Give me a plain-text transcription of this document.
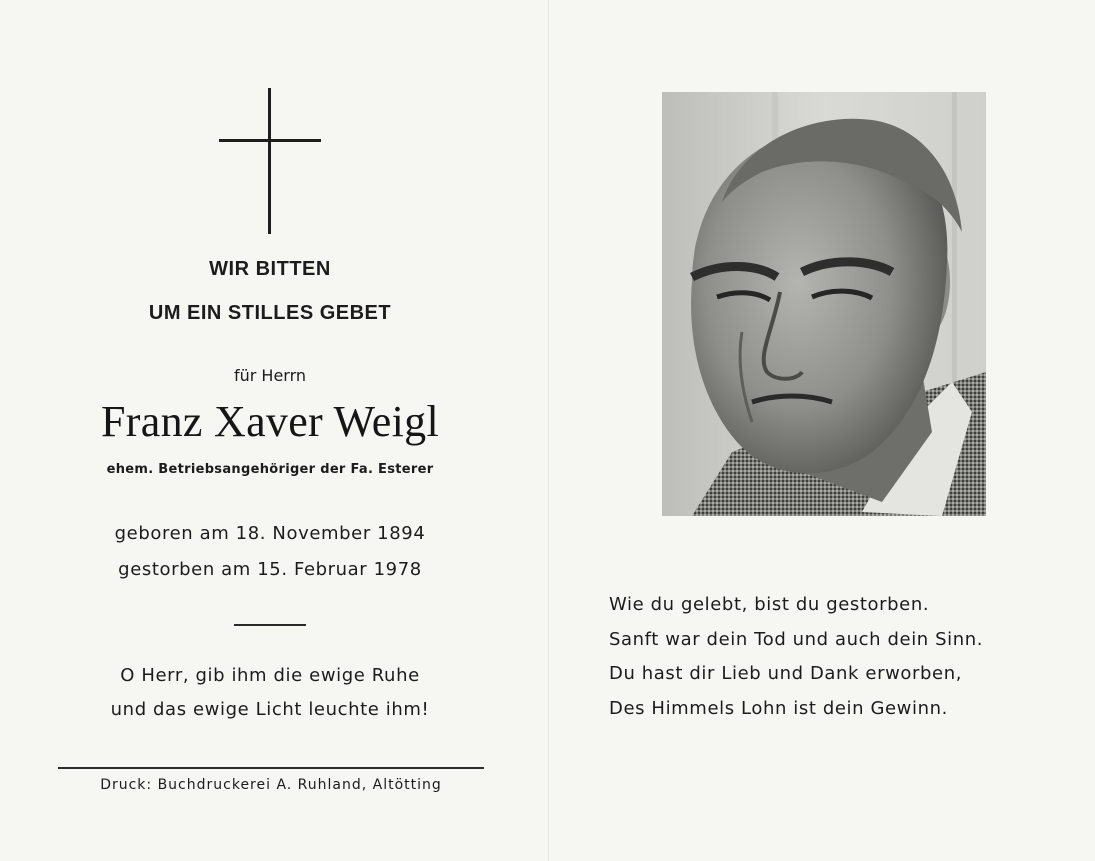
WIR BITTEN
UM EIN STILLES GEBET
für Herrn
Franz Xaver Weigl
ehem. Betriebsangehöriger der Fa. Esterer
geboren am 18. November 1894
gestorben am 15. Februar 1978
O Herr, gib ihm die ewige Ruhe
und das ewige Licht leuchte ihm!
Druck: Buchdruckerei A. Ruhland, Altötting
Wie du gelebt, bist du gestorben.
Sanft war dein Tod und auch dein Sinn.
Du hast dir Lieb und Dank erworben,
Des Himmels Lohn ist dein Gewinn.
